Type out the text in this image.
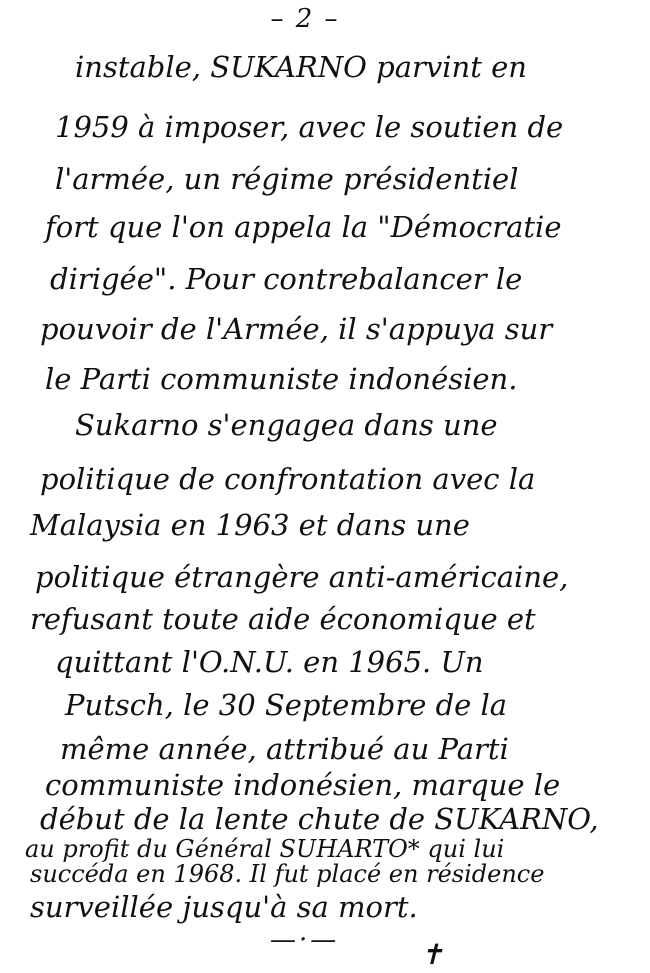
– 2 –
instable, SUKARNO parvint en
1959 à imposer, avec le soutien de
l'armée, un régime présidentiel
fort que l'on appela la "Démocratie
dirigée". Pour contrebalancer le
pouvoir de l'Armée, il s'appuya sur
le Parti communiste indonésien.
Sukarno s'engagea dans une
politique de confrontation avec la
Malaysia en 1963 et dans une
politique étrangère anti-américaine,
refusant toute aide économique et
quittant l'O.N.U. en 1965. Un
Putsch, le 30 Septembre de la
même année, attribué au Parti
communiste indonésien, marque le
début de la lente chute de SUKARNO,
au profit du Général SUHARTO* qui lui
succéda en 1968. Il fut placé en résidence
surveillée jusqu'à sa mort.
—·—	✝
